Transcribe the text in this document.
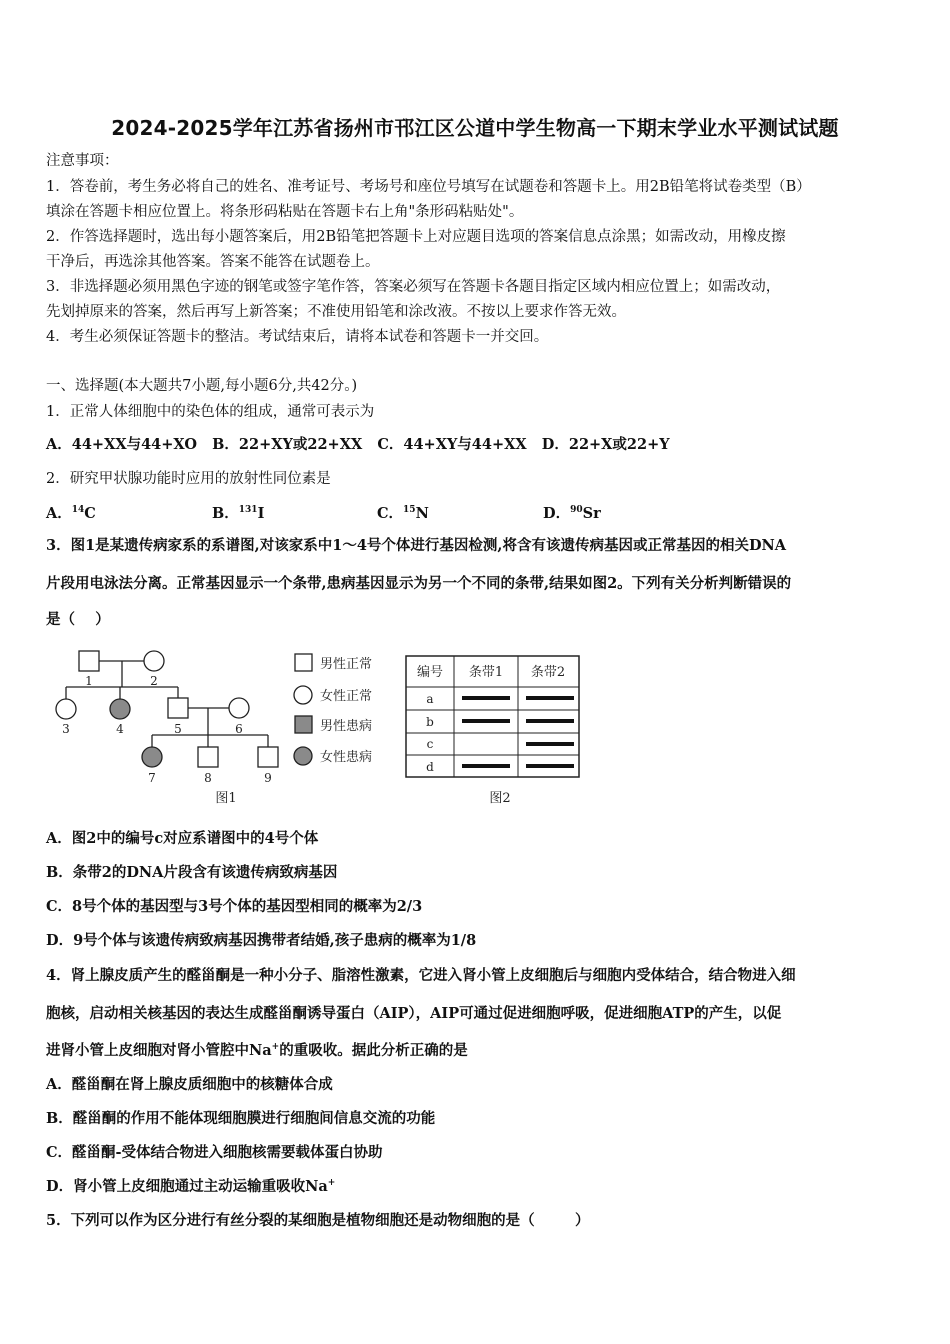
2024-2025学年江苏省扬州市邗江区公道中学生物高一下期末学业水平测试试题
注意事项：
1．答卷前，考生务必将自己的姓名、准考证号、考场号和座位号填写在试题卷和答题卡上。用2B铅笔将试卷类型（B）
填涂在答题卡相应位置上。将条形码粘贴在答题卡右上角"条形码粘贴处"。
2．作答选择题时，选出每小题答案后，用2B铅笔把答题卡上对应题目选项的答案信息点涂黑；如需改动，用橡皮擦
干净后，再选涂其他答案。答案不能答在试题卷上。
3．非选择题必须用黑色字迹的钢笔或签字笔作答，答案必须写在答题卡各题目指定区域内相应位置上；如需改动，
先划掉原来的答案，然后再写上新答案；不准使用铅笔和涂改液。不按以上要求作答无效。
4．考生必须保证答题卡的整洁。考试结束后，请将本试卷和答题卡一并交回。
一、选择题(本大题共7小题,每小题6分,共42分。)
1．正常人体细胞中的染色体的组成，通常可表示为
A．44+XX与44+XO   B．22+XY或22+XX   C．44+XY与44+XX   D．22+X或22+Y
2．研究甲状腺功能时应用的放射性同位素是
A．$^{14}$C	B．$^{131}$I	C．$^{15}$N	D．$^{90}$Sr
3．图1是某遗传病家系的系谱图,对该家系中1～4号个体进行基因检测,将含有该遗传病基因或正常基因的相关DNA
片段用电泳法分离。正常基因显示一个条带,患病基因显示为另一个不同的条带,结果如图2。下列有关分析判断错误的
是（    ）
1	2
3	4	5	6
7	8	9
图1
男性正常
女性正常
男性患病
女性患病
编号 条带1 条带2
a
b
c
d
图2
A．图2中的编号c对应系谱图中的4号个体
B．条带2的DNA片段含有该遗传病致病基因
C．8号个体的基因型与3号个体的基因型相同的概率为2/3
D．9号个体与该遗传病致病基因携带者结婚,孩子患病的概率为1/8
4．肾上腺皮质产生的醛甾酮是一种小分子、脂溶性激素，它进入肾小管上皮细胞后与细胞内受体结合，结合物进入细
胞核，启动相关核基因的表达生成醛甾酮诱导蛋白（AIP），AIP可通过促进细胞呼吸，促进细胞ATP的产生，以促
进肾小管上皮细胞对肾小管腔中Na+的重吸收。据此分析正确的是
A．醛甾酮在肾上腺皮质细胞中的核糖体合成
B．醛甾酮的作用不能体现细胞膜进行细胞间信息交流的功能
C．醛甾酮-受体结合物进入细胞核需要载体蛋白协助
D．肾小管上皮细胞通过主动运输重吸收Na+
5．下列可以作为区分进行有丝分裂的某细胞是植物细胞还是动物细胞的是（        ）
